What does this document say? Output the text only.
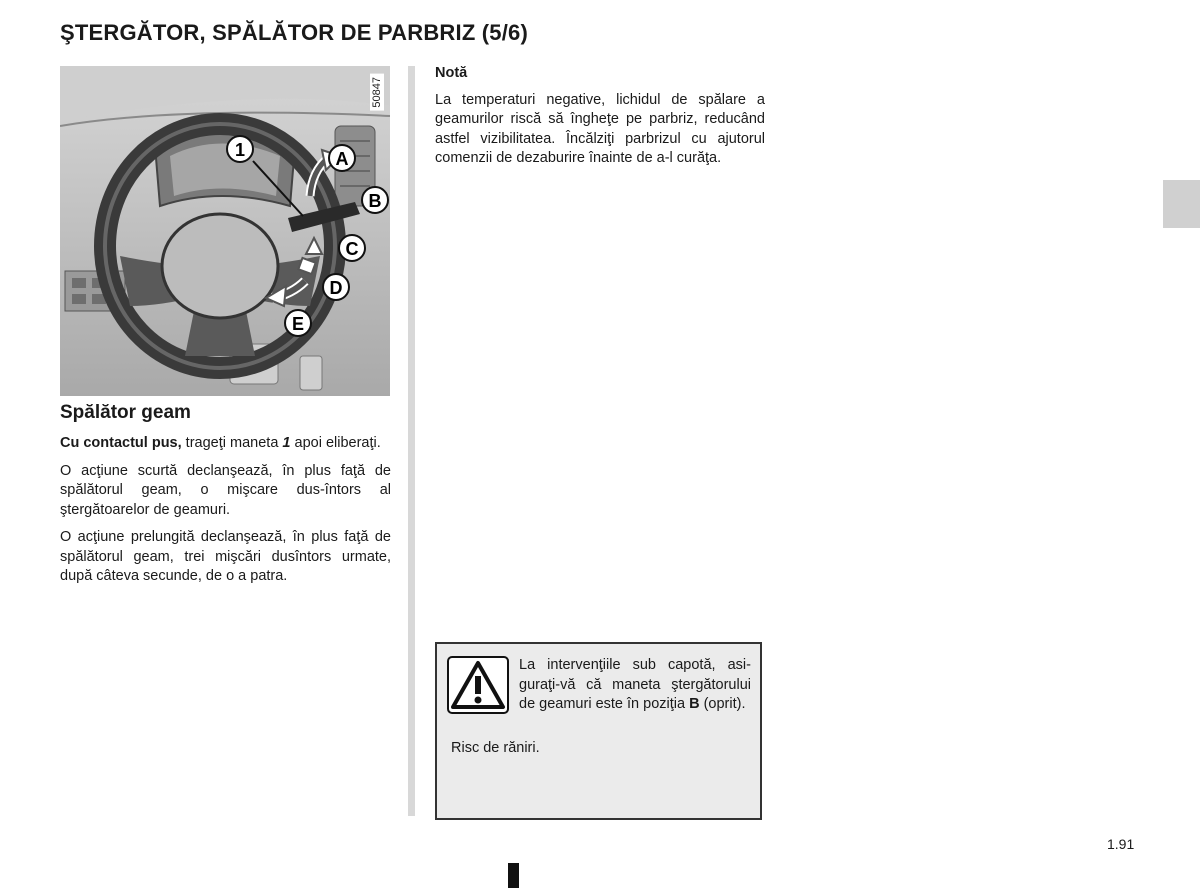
ŞTERGĂTOR, SPĂLĂTOR DE PARBRIZ (5/6)
1	A
B
C
D
E
50847
Spălător geam

Cu contactul pus, trageţi maneta 1 apoi eliberaţi.

O acţiune scurtă declanşează, în plus faţă de spălătorul geam, o mişcare dus-întors al ştergătoarelor de geamuri.

O acţiune prelungită declanşează, în plus faţă de spălătorul geam, trei mişcări dusîntors urmate, după câteva secunde, de o a patra.

Notă
La temperaturi negative, lichidul de spălare a geamurilor riscă să îngheţe pe parbriz, reducând astfel vizibilitatea. Încălziţi parbrizul cu ajutorul comenzii de dezaburire înainte de a-l curăţa.
La intervenţiile sub capotă, asiguraţi-vă că maneta ştergătorului de geamuri este în poziţia B (oprit).
Risc de răniri.
1.91
